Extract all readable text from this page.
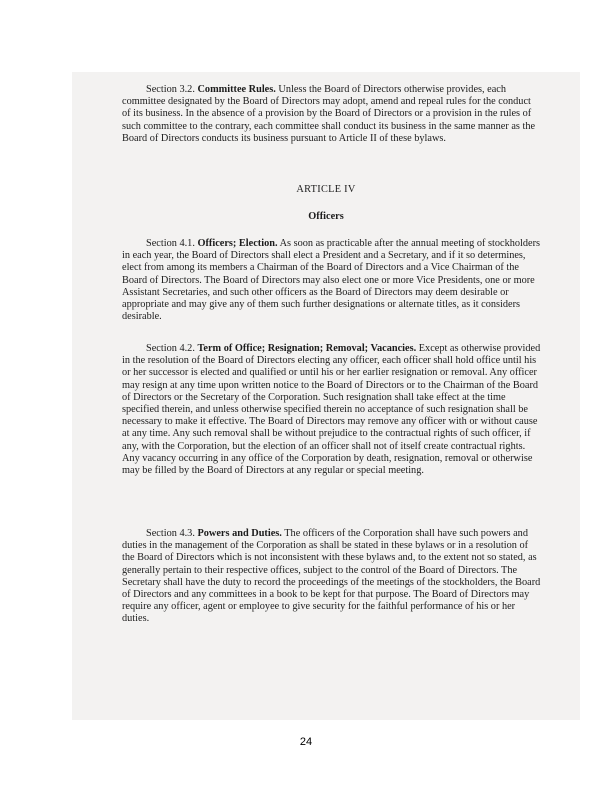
Section 3.2. Committee Rules. Unless the Board of Directors otherwise provides, each committee designated by the Board of Directors may adopt, amend and repeal rules for the conduct of its business. In the absence of a provision by the Board of Directors or a provision in the rules of such committee to the contrary, each committee shall conduct its business in the same manner as the Board of Directors conducts its business pursuant to Article II of these bylaws.

ARTICLE IV
Officers

Section 4.1. Officers; Election. As soon as practicable after the annual meeting of stockholders in each year, the Board of Directors shall elect a President and a Secretary, and if it so determines, elect from among its members a Chairman of the Board of Directors and a Vice Chairman of the Board of Directors. The Board of Directors may also elect one or more Vice Presidents, one or more Assistant Secretaries, and such other officers as the Board of Directors may deem desirable or appropriate and may give any of them such further designations or alternate titles, as it considers desirable.

Section 4.2. Term of Office; Resignation; Removal; Vacancies. Except as otherwise provided in the resolution of the Board of Directors electing any officer, each officer shall hold office until his or her successor is elected and qualified or until his or her earlier resignation or removal. Any officer may resign at any time upon written notice to the Board of Directors or to the Chairman of the Board of Directors or the Secretary of the Corporation. Such resignation shall take effect at the time specified therein, and unless otherwise specified therein no acceptance of such resignation shall be necessary to make it effective. The Board of Directors may remove any officer with or without cause at any time. Any such removal shall be without prejudice to the contractual rights of such officer, if any, with the Corporation, but the election of an officer shall not of itself create contractual rights. Any vacancy occurring in any office of the Corporation by death, resignation, removal or otherwise may be filled by the Board of Directors at any regular or special meeting.

Section 4.3. Powers and Duties. The officers of the Corporation shall have such powers and duties in the management of the Corporation as shall be stated in these bylaws or in a resolution of the Board of Directors which is not inconsistent with these bylaws and, to the extent not so stated, as generally pertain to their respective offices, subject to the control of the Board of Directors. The Secretary shall have the duty to record the proceedings of the meetings of the stockholders, the Board of Directors and any committees in a book to be kept for that purpose. The Board of Directors may require any officer, agent or employee to give security for the faithful performance of his or her duties.

24
